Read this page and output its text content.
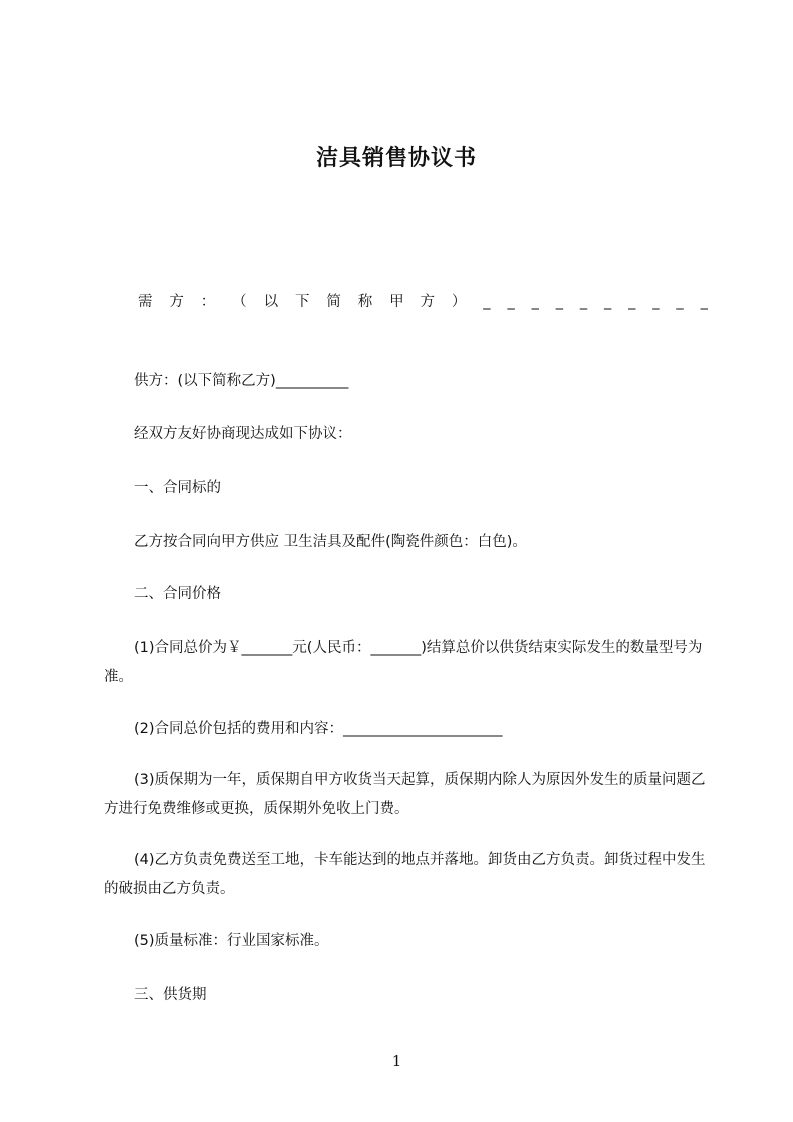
洁具销售协议书
需 方 ： （ 以 下 简 称 甲 方 ） _ _ _ _ _ _ _ _ _ _

供方：(以下简称乙方)__________

经双方友好协商现达成如下协议：

一、合同标的

乙方按合同向甲方供应 卫生洁具及配件(陶瓷件颜色：白色)。

二、合同价格

(1)合同总价为￥_______元(人民币：_______)结算总价以供货结束实际发生的数量型号为准。

(2)合同总价包括的费用和内容：______________________

(3)质保期为一年，质保期自甲方收货当天起算，质保期内除人为原因外发生的质量问题乙方进行免费维修或更换，质保期外免收上门费。

(4)乙方负责免费送至工地，卡车能达到的地点并落地。卸货由乙方负责。卸货过程中发生的破损由乙方负责。

(5)质量标准：行业国家标准。

三、供货期

1
